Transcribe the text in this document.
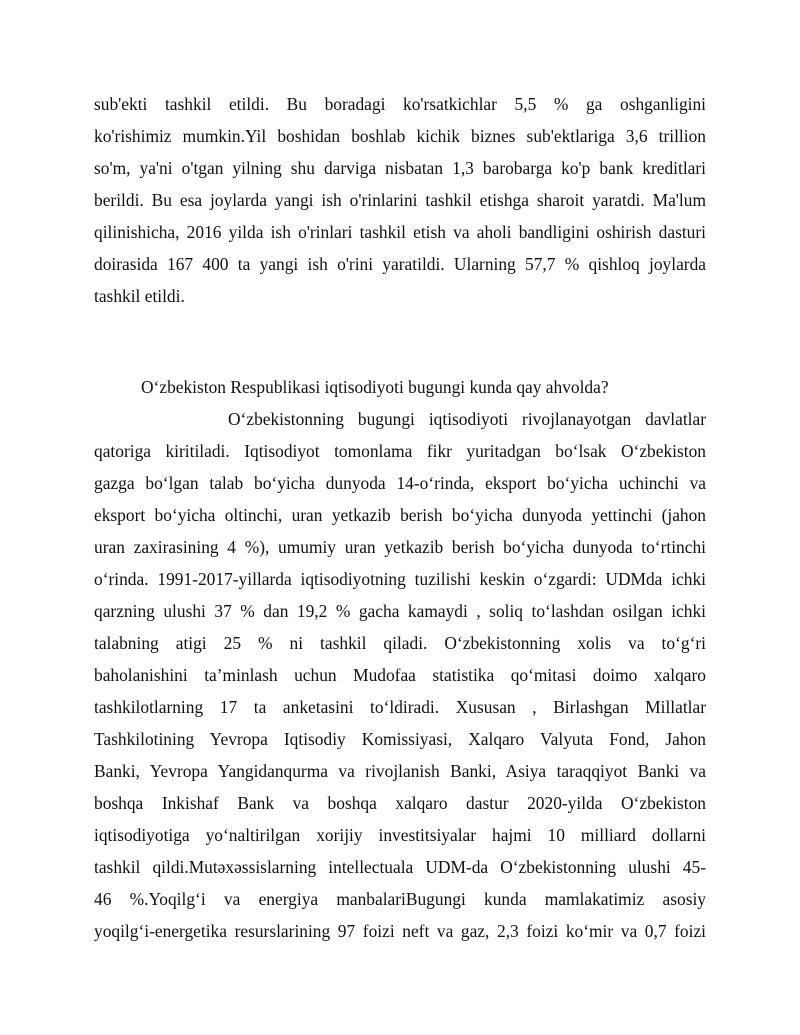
sub'ekti tashkil etildi. Bu boradagi ko'rsatkichlar 5,5 % ga oshganligini
ko'rishimiz mumkin.Yil boshidan boshlab kichik biznes sub'ektlariga 3,6 trillion
so'm, ya'ni o'tgan yilning shu darviga nisbatan 1,3 barobarga ko'p bank kreditlari
berildi. Bu esa joylarda yangi ish o'rinlarini tashkil etishga sharoit yaratdi. Ma'lum
qilinishicha, 2016 yilda ish o'rinlari tashkil etish va aholi bandligini oshirish dasturi
doirasida 167 400 ta yangi ish o'rini yaratildi. Ularning 57,7 % qishloq joylarda
tashkil etildi.
O‘zbekiston Respublikasi iqtisodiyoti bugungi kunda qay ahvolda?
O‘zbekistonning bugungi iqtisodiyoti rivojlanayotgan davlatlar
qatoriga kiritiladi. Iqtisodiyot tomonlama fikr yuritadgan bo‘lsak O‘zbekiston
gazga bo‘lgan talab bo‘yicha dunyoda 14-o‘rinda, eksport bo‘yicha uchinchi va
eksport bo‘yicha oltinchi, uran yetkazib berish bo‘yicha dunyoda yettinchi (jahon
uran zaxirasining 4 %), umumiy uran yetkazib berish bo‘yicha dunyoda to‘rtinchi
o‘rinda. 1991-2017-yillarda iqtisodiyotning tuzilishi keskin o‘zgardi: UDMda ichki
qarzning ulushi 37 % dan 19,2 % gacha kamaydi , soliq to‘lashdan osilgan ichki
talabning atigi 25 % ni tashkil qiladi. O‘zbekistonning xolis va to‘g‘ri
baholanishini ta’minlash uchun Mudofaa statistika qo‘mitasi doimo xalqaro
tashkilotlarning 17 ta anketasini to‘ldiradi. Xususan , Birlashgan Millatlar
Tashkilotining Yevropa Iqtisodiy Komissiyasi, Xalqaro Valyuta Fond, Jahon
Banki, Yevropa Yangidanqurma va rivojlanish Banki, Asiya taraqqiyot Banki va
boshqa Inkishaf Bank va boshqa xalqaro dastur 2020-yilda O‘zbekiston
iqtisodiyotiga yo‘naltirilgan xorijiy investitsiyalar hajmi 10 milliard dollarni
tashkil qildi.Mutəxəssislarning intellectuala UDM-da O‘zbekistonning ulushi 45-
46 %.Yoqilg‘i va energiya manbalariBugungi kunda mamlakatimiz asosiy
yoqilg‘i-energetika resurslarining 97 foizi neft va gaz, 2,3 foizi ko‘mir va 0,7 foizi
